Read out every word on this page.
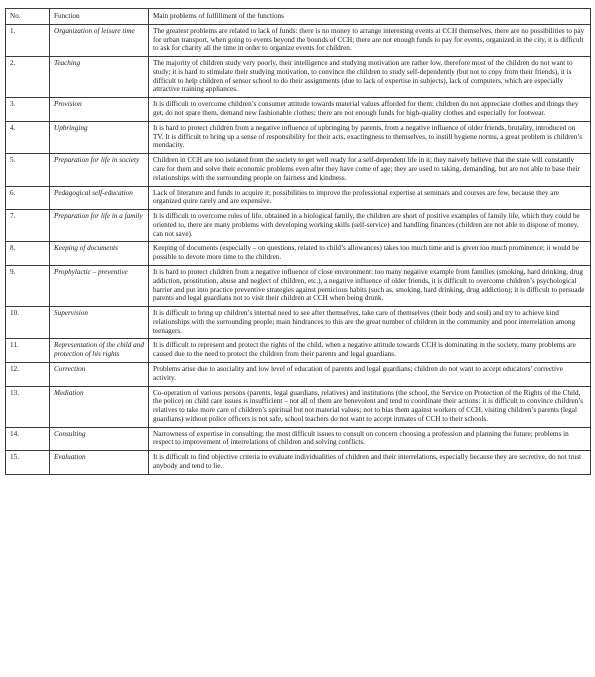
No.	Function	Main problems of fulfillment of the functions
1.	Organization of leisure time	The greatest problems are related to lack of funds: there is no money to arrange interesting events at CCH themselves, there are no possibilities to pay for urban transport, when going to events beyond the bounds of CCH; there are not enough funds to pay for events, organized in the city, it is difficult to ask for charity all the time in order to organize events for children.
2.	Teaching	The majority of children study very poorly, their intelligence and studying motivation are rather low, therefore most of the children do not want to study; it is hard to stimulate their studying motivation, to convince the children to study self-dependently (but not to copy from their friends), it is difficult to help children of sensor school to do their assignments (due to lack of expertise in subjects), lack of computers, which are especially attractive training appliances.
3.	Provision	It is difficult to overcome children’s consumer attitude towards material values afforded for them: children do not appreciate clothes and things they get, do not spare them, demand new fashionable clothes; there are not enough funds for high-quality clothes and especially for footwear.
4.	Upbringing	It is hard to protect children from a negative influence of upbringing by parents, from a negative influence of older friends, brutality, introduced on TV. It is difficult to bring up a sense of responsibility for their acts, exactingness to themselves, to instill hygiene norms, a great problem is children’s mendacity.
5.	Preparation for life in society	Children in CCH are too isolated from the society to get well ready for a self-dependent life in it; they naively believe that the state will constantly care for them and solve their economic problems even after they have come of age; they are used to taking, demanding, but are not able to base their relationships with the surrounding people on fairness and kindness.
6.	Pedagogical self-education	Lack of literature and funds to acquire it; possibilities to improve the professional expertise at seminars and courses are few, because they are organized quire rarely and are expensive.
7.	Preparation for life in a family	It is difficult to overcome rules of life, obtained in a biological family, the children are short of positive examples of family life, which they could be oriented to, there are many problems with developing working skills (self-service) and handling finances (children are not able to dispose of money, can not save).
8.	Keeping of documents	Keeping of documents (especially – on questions, related to child’s allowances) takes too much time and is given too much prominence; it would be possible to devote more time to the children.
9.	Prophylactic – preventive	It is hard to protect children from a negative influence of close environment: too many negative example from families (smoking, hard drinking, drug addiction, prostitution, abuse and neglect of children, etc.), a negative influence of older friends, it is difficult to overcome children’s psychological barrier and put into practice preventive strategies against pernicious habits (such as, smoking, hard drinking, drug addiction); it is difficult to persuade parents and legal guardians not to visit their children at CCH when being drunk.
10.	Supervision	It is difficult to bring up children’s internal need to see after themselves, take care of themselves (their body and soul) and try to achieve kind relationships with the surrounding people; main hindrances to this are the great number of children in the community and poor interrelation among teenagers.
11.	Representation of the child and protection of his rights	It is difficult to represent and protect the rights of the child, when a negative attitude towards CCH is dominating in the society, many problems are caused due to the need to protect the children from their parents and legal guardians.
12.	Correction	Problems arise due to asociality and low level of education of parents and legal guardians; children do not want to accept educators’ corrective activity.
13.	Mediation	Co-operation of various persons (parents, legal guardians, relatives) and institutions (the school, the Service on Protection of the Rights of the Child, the police) on child care issues is insufficient – not all of them are benevolent and tend to coordinate their actions: it is difficult to convince children’s relatives to take more care of children’s spiritual but not material values; not to bias them against workers of CCH, visiting children’s parents (legal guardians) without police officers is not safe, school teachers do not want to accept inmates of CCH to their schools.
14.	Consulting	Narrowness of expertise in consulting; the most difficult issues to consult on concern choosing a profession and planning the future; problems in respect to improvement of interrelations of children and solving conflicts.
15.	Evaluation	It is difficult to find objective criteria to evaluate individualities of children and their interrelations, especially because they are secretive, do not trust anybody and tend to lie.
